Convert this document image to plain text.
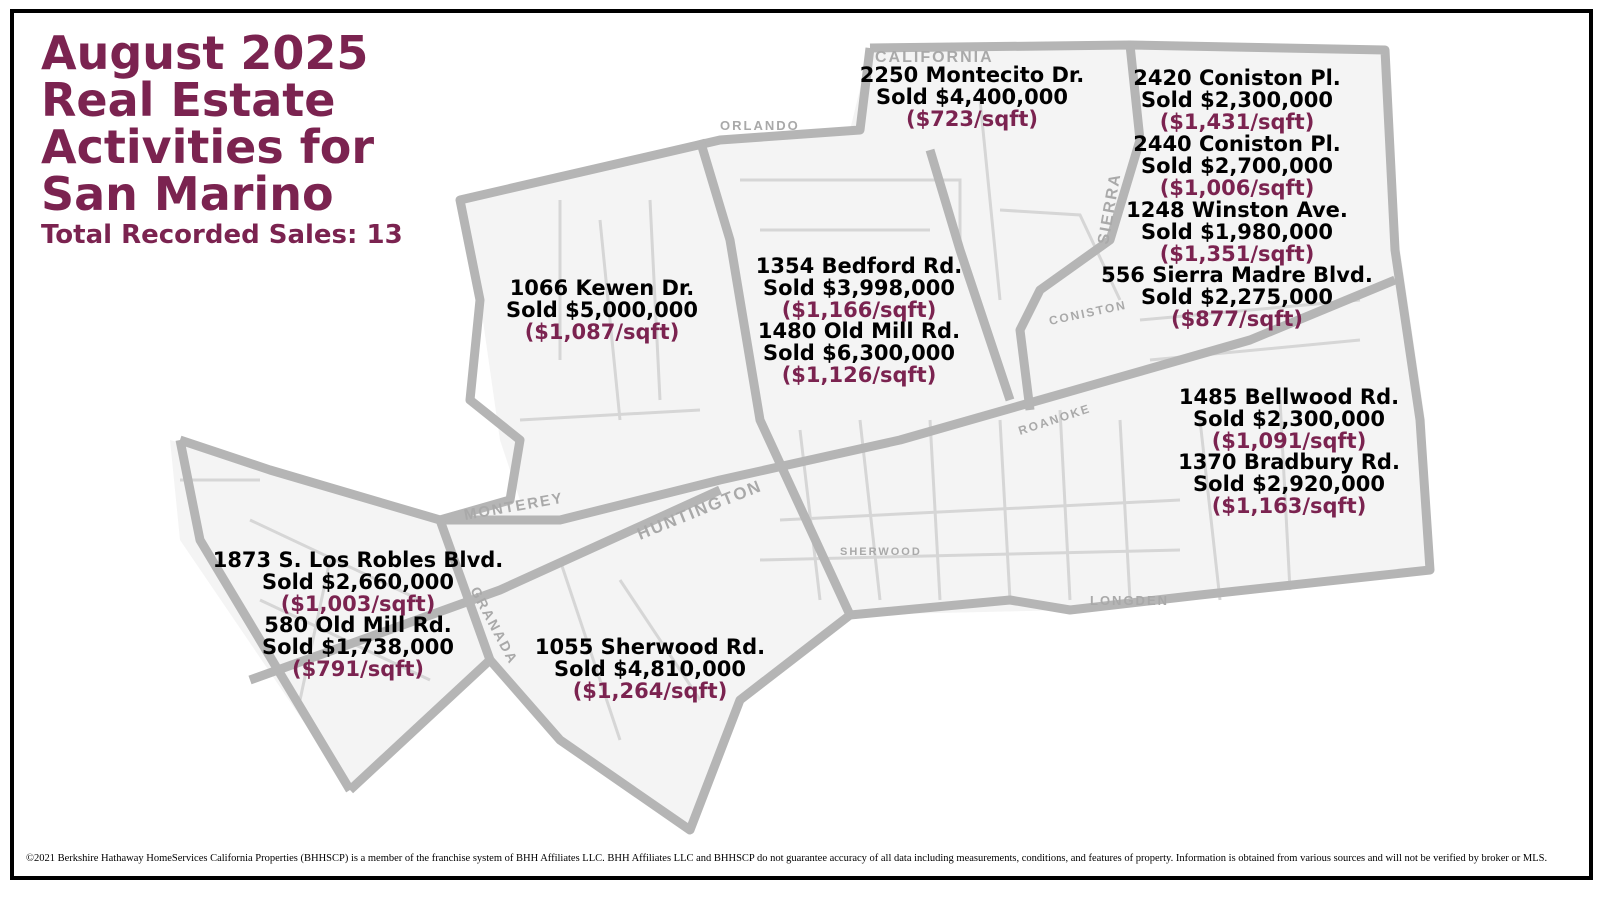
CALIFORNIA
ORLANDO
HUNTINGTON
MONTEREY
SIERRA
GRANADA	LONGDEN
ROANOKE
CONISTON
SHERWOOD
August 2025
Real Estate
Activities for
San Marino
Total Recorded Sales: 13
2250 Montecito Dr.
Sold $4,400,000
($723/sqft)
2420 Coniston Pl.
Sold $2,300,000
($1,431/sqft)
2440 Coniston Pl.
Sold $2,700,000
($1,006/sqft)
1248 Winston Ave.
Sold $1,980,000
($1,351/sqft)
556 Sierra Madre Blvd.
Sold $2,275,000
($877/sqft)
1066 Kewen Dr.
Sold $5,000,000
($1,087/sqft)
1354 Bedford Rd.
Sold $3,998,000
($1,166/sqft)
1480 Old Mill Rd.
Sold $6,300,000
($1,126/sqft)
1485 Bellwood Rd.
Sold $2,300,000
($1,091/sqft)
1370 Bradbury Rd.
Sold $2,920,000
($1,163/sqft)
1873 S. Los Robles Blvd.
Sold $2,660,000
($1,003/sqft)
580 Old Mill Rd.
Sold $1,738,000
($791/sqft)
1055 Sherwood Rd.
Sold $4,810,000
($1,264/sqft)
©2021 Berkshire Hathaway HomeServices California Properties (BHHSCP) is a member of the franchise system of BHH Affiliates LLC. BHH Affiliates LLC and BHHSCP do not guarantee accuracy of all data including measurements, conditions, and features of property. Information is obtained from various sources and will not be verified by broker or MLS.
